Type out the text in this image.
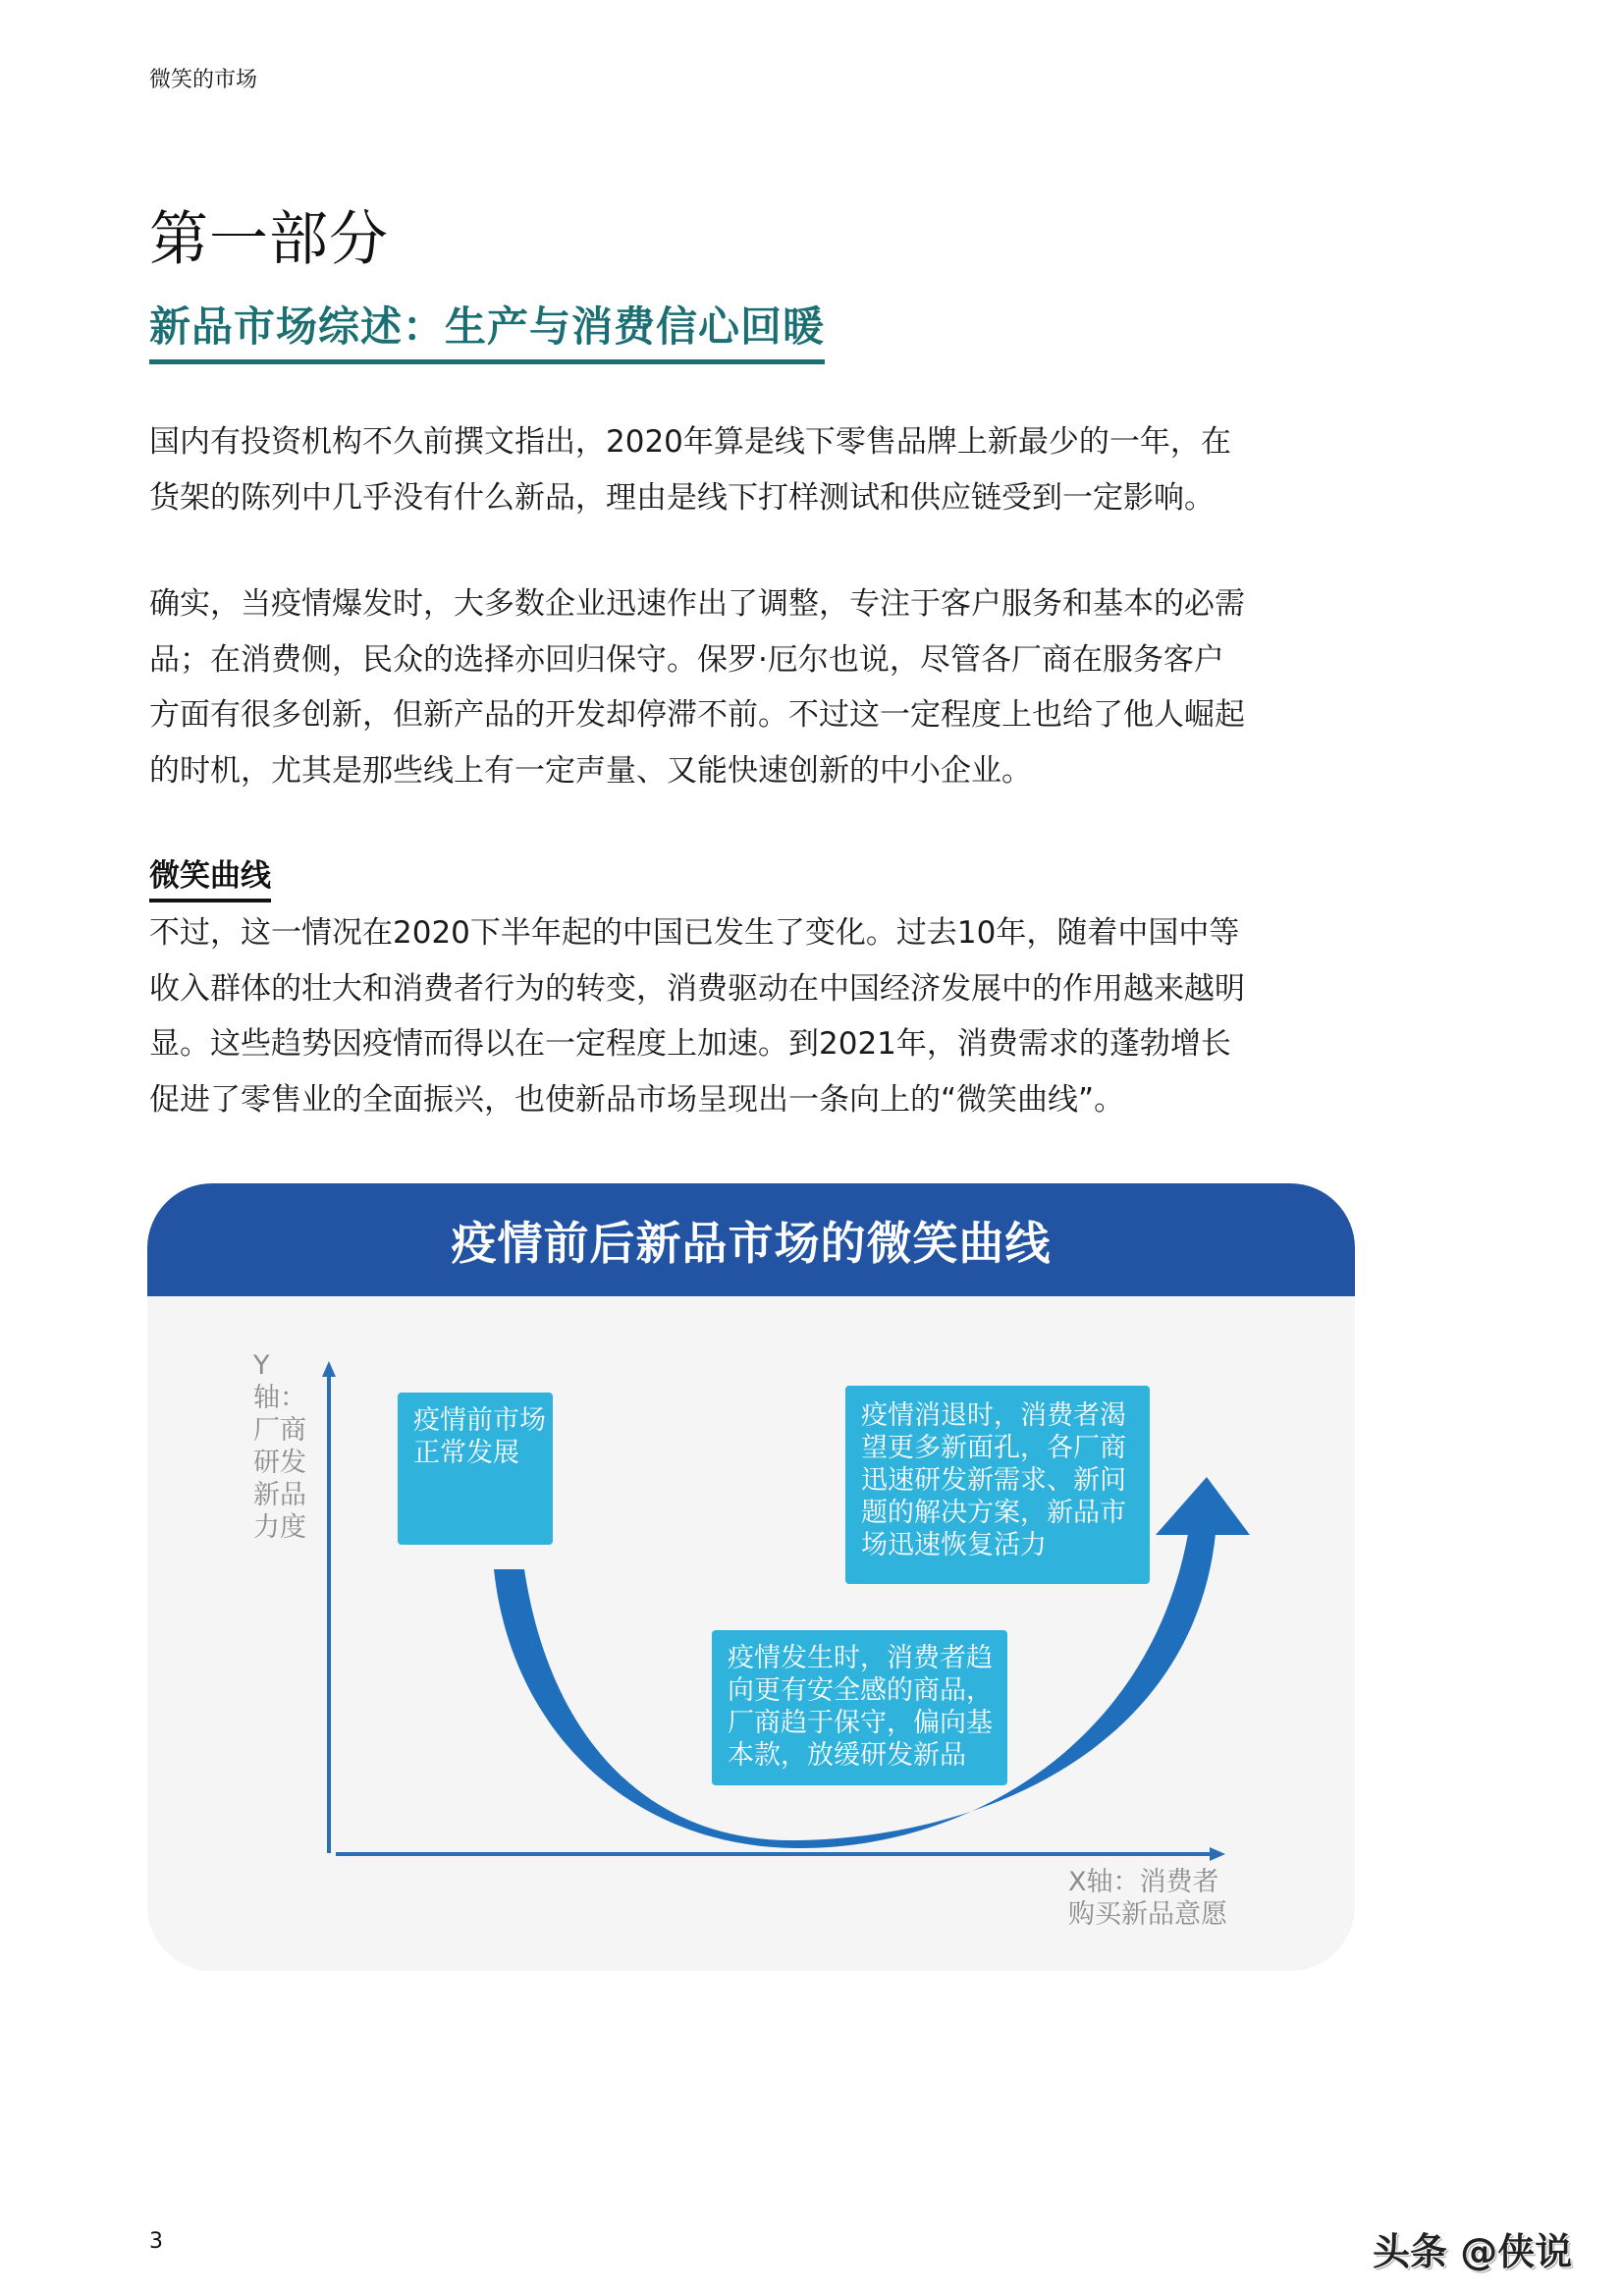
微笑的市场
第一部分
新品市场综述：生产与消费信心回暖
国内有投资机构不久前撰文指出，2020年算是线下零售品牌上新最少的一年，在
货架的陈列中几乎没有什么新品，理由是线下打样测试和供应链受到一定影响。
确实，当疫情爆发时，大多数企业迅速作出了调整，专注于客户服务和基本的必需
品；在消费侧，民众的选择亦回归保守。保罗·厄尔也说，尽管各厂商在服务客户
方面有很多创新，但新产品的开发却停滞不前。不过这一定程度上也给了他人崛起
的时机，尤其是那些线上有一定声量、又能快速创新的中小企业。
微笑曲线
不过，这一情况在2020下半年起的中国已发生了变化。过去10年，随着中国中等
收入群体的壮大和消费者行为的转变，消费驱动在中国经济发展中的作用越来越明
显。这些趋势因疫情而得以在一定程度上加速。到2021年，消费需求的蓬勃增长
促进了零售业的全面振兴，也使新品市场呈现出一条向上的“微笑曲线”。
疫情前后新品市场的微笑曲线
Y轴：
厂商
研发
新品
力度
X轴：消费者
购买新品意愿
疫情前市场
正常发展
疫情消退时，消费者渴
望更多新面孔，各厂商
迅速研发新需求、新问
题的解决方案，新品市
场迅速恢复活力
疫情发生时，消费者趋
向更有安全感的商品，
厂商趋于保守，偏向基
本款，放缓研发新品
3	头条 @侠说
